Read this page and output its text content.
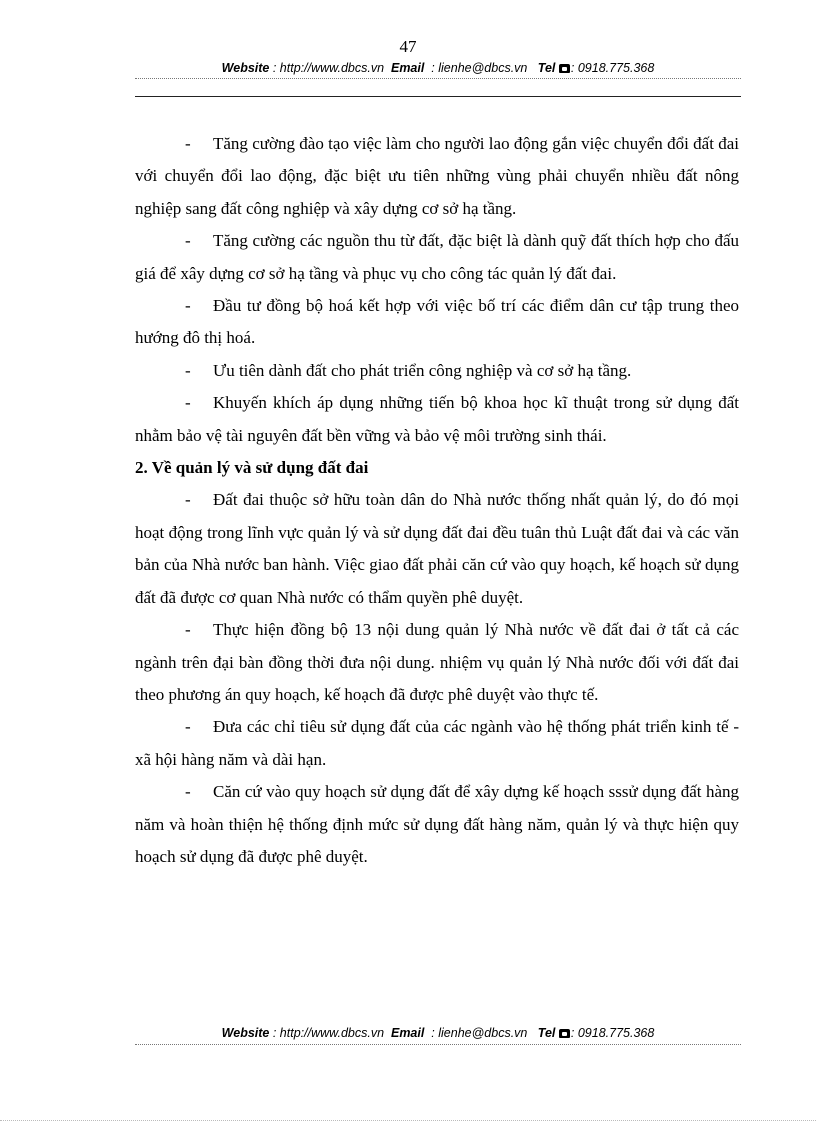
47
Website : http://www.dbcs.vn Email : lienhe@dbcs.vn Tel : 0918.775.368

- Tăng cường đào tạo việc làm cho người lao động gắn việc chuyển đổi đất đai với chuyển đổi lao động, đặc biệt ưu tiên những vùng phải chuyển nhiều đất nông nghiệp sang đất công nghiệp và xây dựng cơ sở hạ tầng.

- Tăng cường các nguồn thu từ đất, đặc biệt là dành quỹ đất thích hợp cho đấu giá để xây dựng cơ sở hạ tầng và phục vụ cho công tác quản lý đất đai.

- Đầu tư đồng bộ hoá kết hợp với việc bố trí các điểm dân cư tập trung theo hướng đô thị hoá.

- Ưu tiên dành đất cho phát triển công nghiệp và cơ sở hạ tầng.

- Khuyến khích áp dụng những tiến bộ khoa học kĩ thuật trong sử dụng đất nhằm bảo vệ tài nguyên đất bền vững và bảo vệ môi trường sinh thái.

2. Về quản lý và sử dụng đất đai

- Đất đai thuộc sở hữu toàn dân do Nhà nước thống nhất quản lý, do đó mọi hoạt động trong lĩnh vực quản lý và sử dụng đất đai đều tuân thủ Luật đất đai và các văn bản của Nhà nước ban hành. Việc giao đất phải căn cứ vào quy hoạch, kế hoạch sử dụng đất đã được cơ quan Nhà nước có thẩm quyền phê duyệt.

- Thực hiện đồng bộ 13 nội dung quản lý Nhà nước về đất đai ở tất cả các ngành trên đại bàn đồng thời đưa nội dung. nhiệm vụ quản lý Nhà nước đối với đất đai theo phương án quy hoạch, kế hoạch đã được phê duyệt vào thực tế.

- Đưa các chỉ tiêu sử dụng đất của các ngành vào hệ thống phát triển kinh tế - xã hội hàng năm và dài hạn.

- Căn cứ vào quy hoạch sử dụng đất để xây dựng kế hoạch sssử dụng đất hàng năm và hoàn thiện hệ thống định mức sử dụng đất hàng năm, quản lý và thực hiện quy hoạch sử dụng đã được phê duyệt.

Website : http://www.dbcs.vn Email : lienhe@dbcs.vn Tel : 0918.775.368
